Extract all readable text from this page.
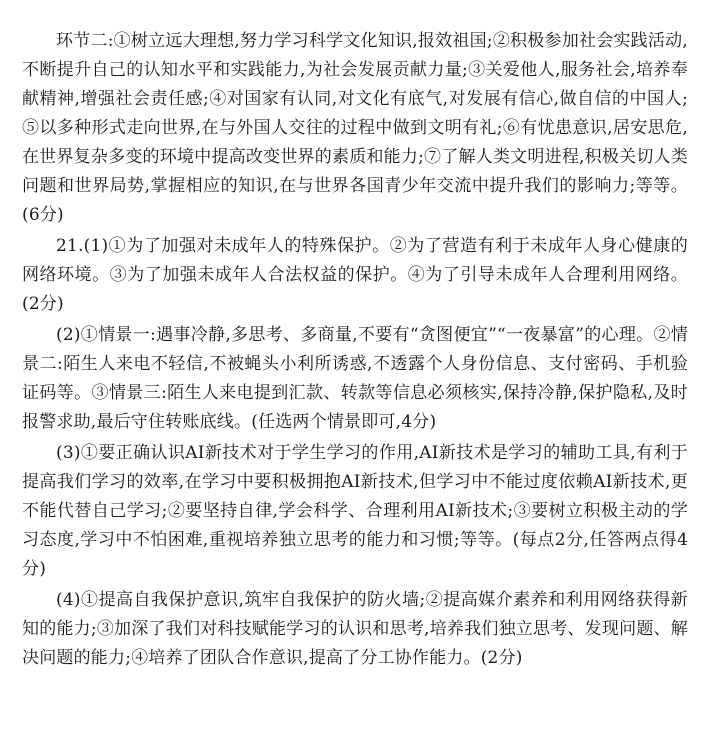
环节二:①树立远大理想,努力学习科学文化知识,报效祖国;②积极参加社会实践活动,不断提升自己的认知水平和实践能力,为社会发展贡献力量;③关爱他人,服务社会,培养奉献精神,增强社会责任感;④对国家有认同,对文化有底气,对发展有信心,做自信的中国人;⑤以多种形式走向世界,在与外国人交往的过程中做到文明有礼;⑥有忧患意识,居安思危,在世界复杂多变的环境中提高改变世界的素质和能力;⑦了解人类文明进程,积极关切人类问题和世界局势,掌握相应的知识,在与世界各国青少年交流中提升我们的影响力;等等。(6分)

21.(1)①为了加强对未成年人的特殊保护。②为了营造有利于未成年人身心健康的网络环境。③为了加强未成年人合法权益的保护。④为了引导未成年人合理利用网络。(2分)

(2)①情景一:遇事冷静,多思考、多商量,不要有“贪图便宜”“一夜暴富”的心理。②情景二:陌生人来电不轻信,不被蝇头小利所诱惑,不透露个人身份信息、支付密码、手机验证码等。③情景三:陌生人来电提到汇款、转款等信息必须核实,保持冷静,保护隐私,及时报警求助,最后守住转账底线。(任选两个情景即可,4分)

(3)①要正确认识AI新技术对于学生学习的作用,AI新技术是学习的辅助工具,有利于提高我们学习的效率,在学习中要积极拥抱AI新技术,但学习中不能过度依赖AI新技术,更不能代替自己学习;②要坚持自律,学会科学、合理利用AI新技术;③要树立积极主动的学习态度,学习中不怕困难,重视培养独立思考的能力和习惯;等等。(每点2分,任答两点得4分)

(4)①提高自我保护意识,筑牢自我保护的防火墙;②提高媒介素养和利用网络获得新知的能力;③加深了我们对科技赋能学习的认识和思考,培养我们独立思考、发现问题、解决问题的能力;④培养了团队合作意识,提高了分工协作能力。(2分)
